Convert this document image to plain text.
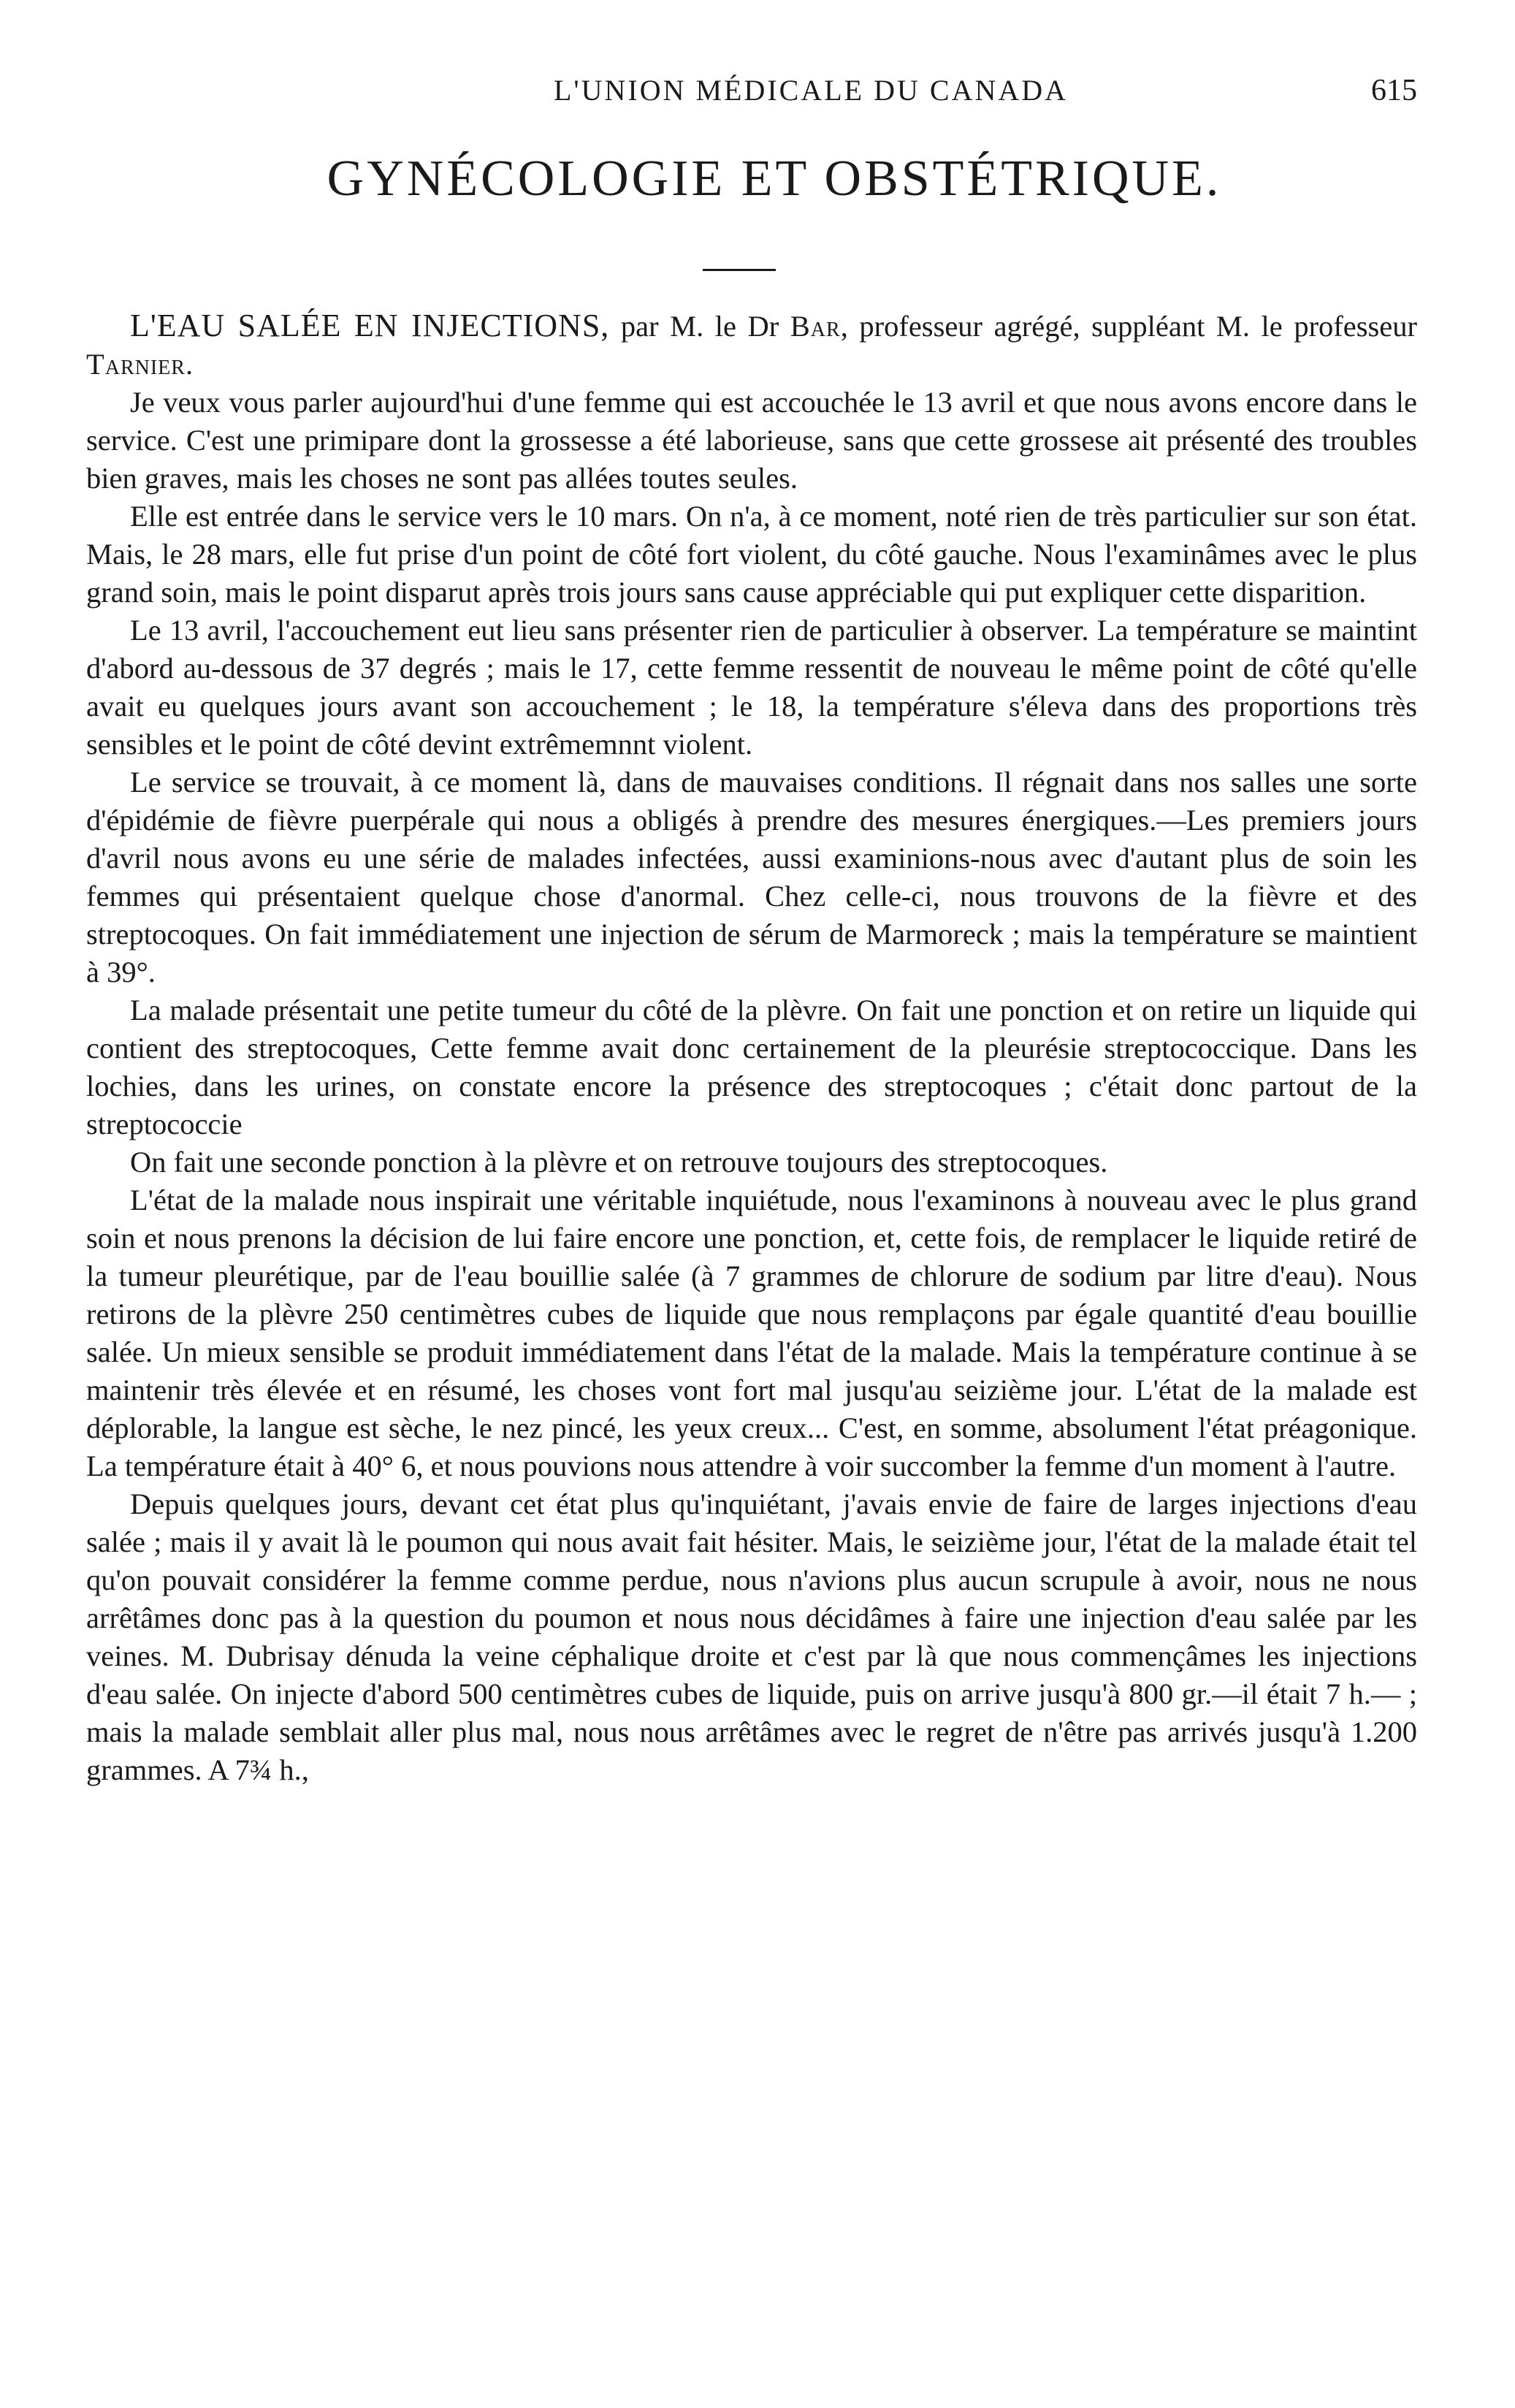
L'UNION MÉDICALE DU CANADA	615
GYNÉCOLOGIE ET OBSTÉTRIQUE.
L'EAU SALÉE EN INJECTIONS, par M. le Dr Bar, professeur agrégé, suppléant M. le professeur Tarnier.

Je veux vous parler aujourd'hui d'une femme qui est accouchée le 13 avril et que nous avons encore dans le service. C'est une primipare dont la grossesse a été laborieuse, sans que cette grossese ait présenté des troubles bien graves, mais les choses ne sont pas allées toutes seules.

Elle est entrée dans le service vers le 10 mars. On n'a, à ce moment, noté rien de très particulier sur son état. Mais, le 28 mars, elle fut prise d'un point de côté fort violent, du côté gauche. Nous l'examinâmes avec le plus grand soin, mais le point disparut après trois jours sans cause appréciable qui put expliquer cette disparition.

Le 13 avril, l'accouchement eut lieu sans présenter rien de particulier à observer. La température se maintint d'abord au-dessous de 37 degrés ; mais le 17, cette femme ressentit de nouveau le même point de côté qu'elle avait eu quelques jours avant son accouchement ; le 18, la température s'éleva dans des proportions très sensibles et le point de côté devint extrêmemnnt violent.

Le service se trouvait, à ce moment là, dans de mauvaises conditions. Il régnait dans nos salles une sorte d'épidémie de fièvre puerpérale qui nous a obligés à prendre des mesures énergiques.—Les premiers jours d'avril nous avons eu une série de malades infectées, aussi examinions-nous avec d'autant plus de soin les femmes qui présentaient quelque chose d'anormal. Chez celle-ci, nous trouvons de la fièvre et des streptocoques. On fait immédiatement une injection de sérum de Marmoreck ; mais la température se maintient à 39°.

La malade présentait une petite tumeur du côté de la plèvre. On fait une ponction et on retire un liquide qui contient des streptocoques, Cette femme avait donc certainement de la pleurésie streptococcique. Dans les lochies, dans les urines, on constate encore la présence des streptocoques ; c'était donc partout de la streptococcie

On fait une seconde ponction à la plèvre et on retrouve toujours des streptocoques.

L'état de la malade nous inspirait une véritable inquiétude, nous l'examinons à nouveau avec le plus grand soin et nous prenons la décision de lui faire encore une ponction, et, cette fois, de remplacer le liquide retiré de la tumeur pleurétique, par de l'eau bouillie salée (à 7 grammes de chlorure de sodium par litre d'eau). Nous retirons de la plèvre 250 centimètres cubes de liquide que nous remplaçons par égale quantité d'eau bouillie salée. Un mieux sensible se produit immédiatement dans l'état de la malade. Mais la température continue à se maintenir très élevée et en résumé, les choses vont fort mal jusqu'au seizième jour. L'état de la malade est déplorable, la langue est sèche, le nez pincé, les yeux creux... C'est, en somme, absolument l'état préagonique. La température était à 40° 6, et nous pouvions nous attendre à voir succomber la femme d'un moment à l'autre.

Depuis quelques jours, devant cet état plus qu'inquiétant, j'avais envie de faire de larges injections d'eau salée ; mais il y avait là le poumon qui nous avait fait hésiter. Mais, le seizième jour, l'état de la malade était tel qu'on pouvait considérer la femme comme perdue, nous n'avions plus aucun scrupule à avoir, nous ne nous arrêtâmes donc pas à la question du poumon et nous nous décidâmes à faire une injection d'eau salée par les veines. M. Dubrisay dénuda la veine céphalique droite et c'est par là que nous commençâmes les injections d'eau salée. On injecte d'abord 500 centimètres cubes de liquide, puis on arrive jusqu'à 800 gr.—il était 7 h.— ; mais la malade semblait aller plus mal, nous nous arrêtâmes avec le regret de n'être pas arrivés jusqu'à 1.200 grammes. A 7¾ h.,
